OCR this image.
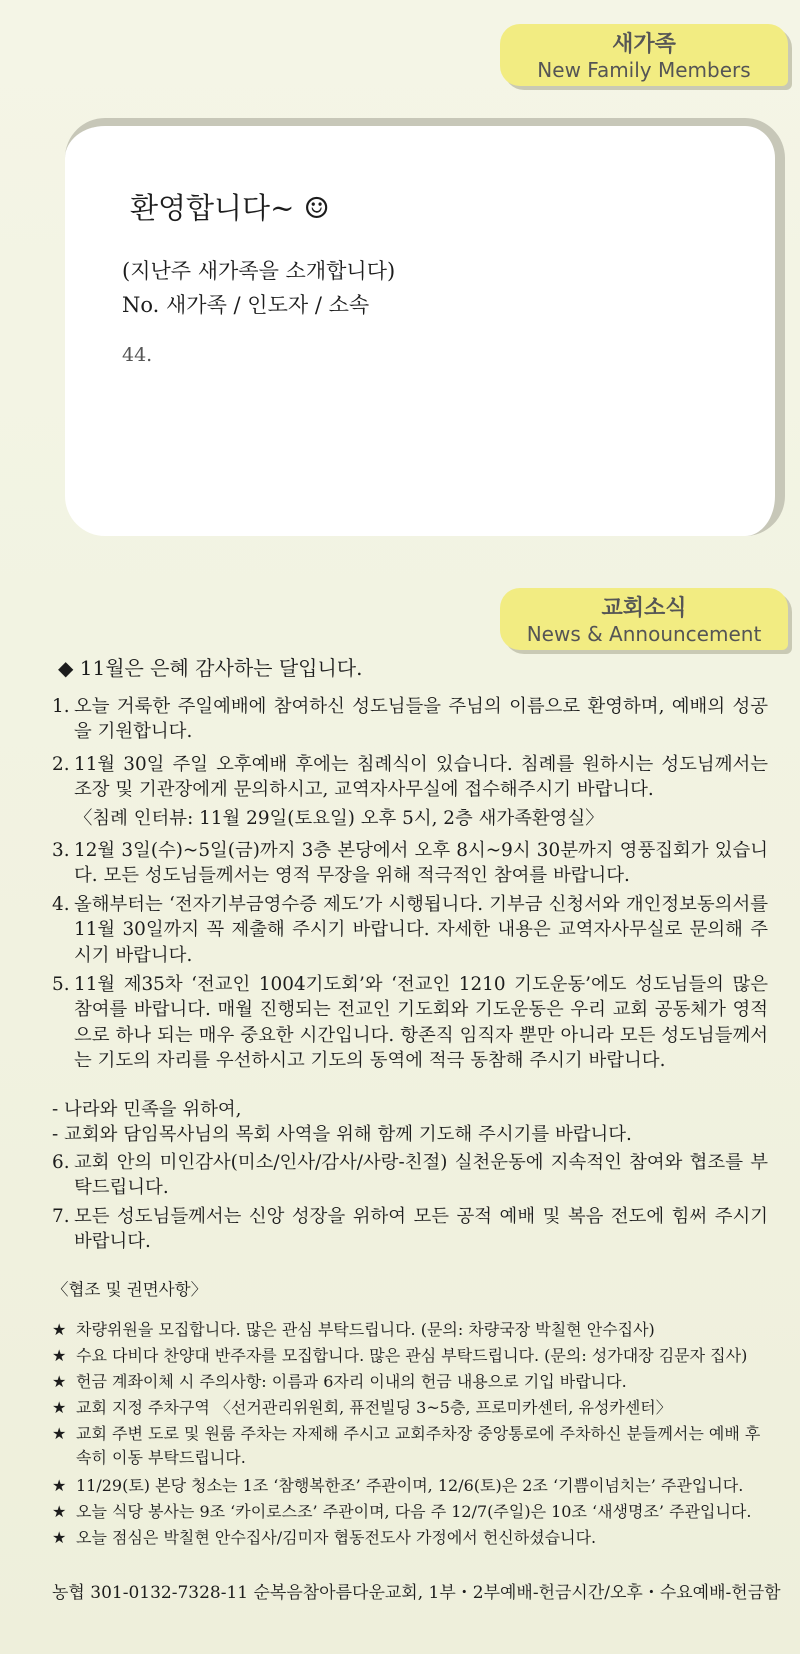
새가족
New Family Members
환영합니다~ ☺
(지난주 새가족을 소개합니다)
No. 새가족 / 인도자 / 소속
44.
교회소식
News & Announcement
◆ 11월은 은혜 감사하는 달입니다.
1. 오늘 거룩한 주일예배에 참여하신 성도님들을 주님의 이름으로 환영하며, 예배의 성공을 기원합니다.
2. 11월 30일 주일 오후예배 후에는 침례식이 있습니다. 침례를 원하시는 성도님께서는 조장 및 기관장에게 문의하시고, 교역자사무실에 접수해주시기 바랍니다.
〈침례 인터뷰: 11월 29일(토요일) 오후 5시, 2층 새가족환영실〉
3. 12월 3일(수)~5일(금)까지 3층 본당에서 오후 8시~9시 30분까지 영풍집회가 있습니다. 모든 성도님들께서는 영적 무장을 위해 적극적인 참여를 바랍니다.
4. 올해부터는 ‘전자기부금영수증 제도’가 시행됩니다. 기부금 신청서와 개인정보동의서를 11월 30일까지 꼭 제출해 주시기 바랍니다. 자세한 내용은 교역자사무실로 문의해 주시기 바랍니다.
5. 11월 제35차 ‘전교인 1004기도회’와 ‘전교인 1210 기도운동’에도 성도님들의 많은 참여를 바랍니다. 매월 진행되는 전교인 기도회와 기도운동은 우리 교회 공동체가 영적으로 하나 되는 매우 중요한 시간입니다. 항존직 임직자 뿐만 아니라 모든 성도님들께서는 기도의 자리를 우선하시고 기도의 동역에 적극 동참해 주시기 바랍니다.
- 나라와 민족을 위하여,
- 교회와 담임목사님의 목회 사역을 위해 함께 기도해 주시기를 바랍니다.
6. 교회 안의 미인감사(미소/인사/감사/사랑-친절) 실천운동에 지속적인 참여와 협조를 부탁드립니다.
7. 모든 성도님들께서는 신앙 성장을 위하여 모든 공적 예배 및 복음 전도에 힘써 주시기 바랍니다.
〈협조 및 권면사항〉
★ 차량위원을 모집합니다. 많은 관심 부탁드립니다. (문의: 차량국장 박칠현 안수집사)
★ 수요 다비다 찬양대 반주자를 모집합니다. 많은 관심 부탁드립니다. (문의: 성가대장 김문자 집사)
★ 헌금 계좌이체 시 주의사항: 이름과 6자리 이내의 헌금 내용으로 기입 바랍니다.
★ 교회 지정 주차구역 〈선거관리위원회, 퓨전빌딩 3~5층, 프로미카센터, 유성카센터〉
★ 교회 주변 도로 및 원룸 주차는 자제해 주시고 교회주차장 중앙통로에 주차하신 분들께서는 예배 후 속히 이동 부탁드립니다.
★ 11/29(토) 본당 청소는 1조 ‘참행복한조’ 주관이며, 12/6(토)은 2조 ‘기쁨이넘치는’ 주관입니다.
★ 오늘 식당 봉사는 9조 ‘카이로스조’ 주관이며, 다음 주 12/7(주일)은 10조 ‘새생명조’ 주관입니다.
★ 오늘 점심은 박칠현 안수집사/김미자 협동전도사 가정에서 헌신하셨습니다.
농협 301-0132-7328-11 순복음참아름다운교회, 1부・2부예배-헌금시간/오후・수요예배-헌금함
